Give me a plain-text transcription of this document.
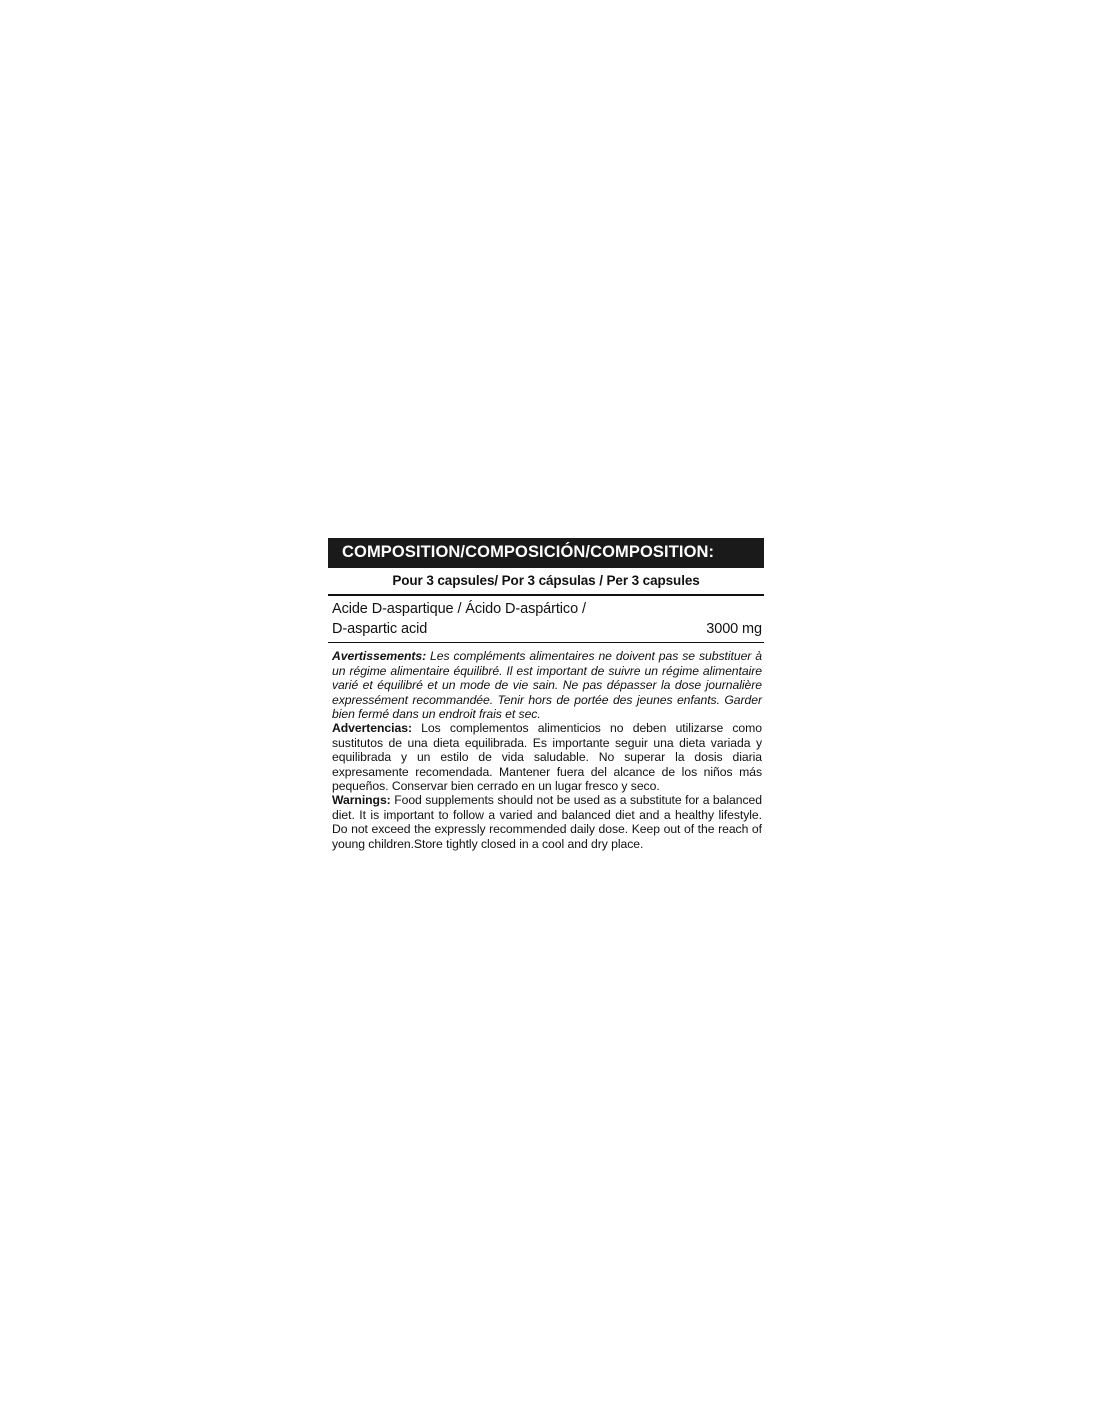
COMPOSITION/COMPOSICIÓN/COMPOSITION:
Pour 3 capsules/ Por 3 cápsulas / Per 3 capsules
Acide D-aspartique / Ácido D-aspártico /
D-aspartic acid	3000 mg

Avertissements: Les compléments alimentaires ne doivent pas se substituer à un régime alimentaire équilibré. Il est important de suivre un régime alimentaire varié et équilibré et un mode de vie sain. Ne pas dépasser la dose journalière expressément recommandée. Tenir hors de portée des jeunes enfants. Garder bien fermé dans un endroit frais et sec.

Advertencias: Los complementos alimenticios no deben utilizarse como sustitutos de una dieta equilibrada. Es importante seguir una dieta variada y equilibrada y un estilo de vida saludable. No superar la dosis diaria expresamente recomendada. Mantener fuera del alcance de los niños más pequeños. Conservar bien cerrado en un lugar fresco y seco.

Warnings: Food supplements should not be used as a substitute for a balanced diet. It is important to follow a varied and balanced diet and a healthy lifestyle. Do not exceed the expressly recommended daily dose. Keep out of the reach of young children.Store tightly closed in a cool and dry place.
